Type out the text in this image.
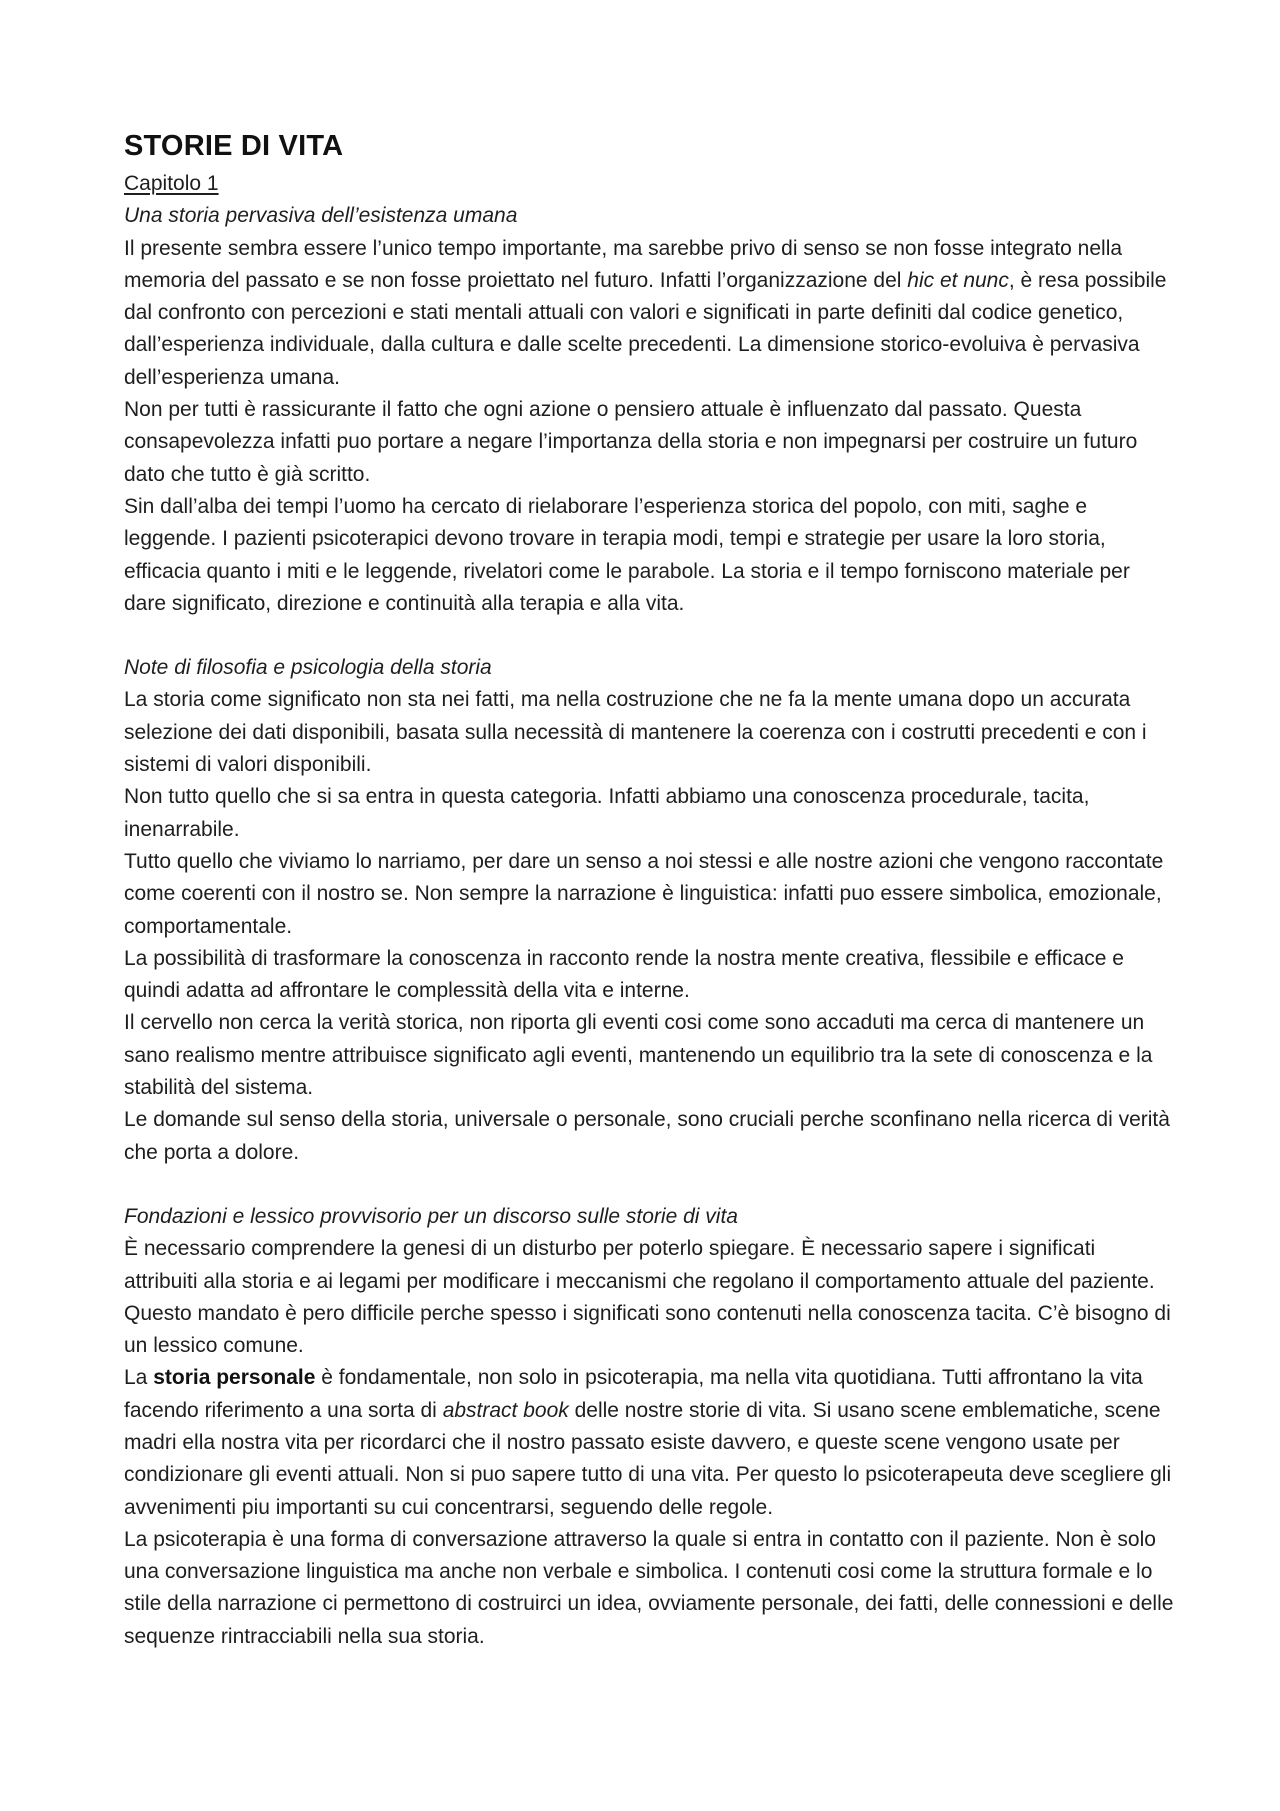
STORIE DI VITA
Capitolo 1
Una storia pervasiva dell’esistenza umana

Il presente sembra essere l’unico tempo importante, ma sarebbe privo di senso se non fosse integrato nella memoria del passato e se non fosse proiettato nel futuro. Infatti l’organizzazione del hic et nunc, è resa possibile dal confronto con percezioni e stati mentali attuali con valori e significati in parte definiti dal codice genetico, dall’esperienza individuale, dalla cultura e dalle scelte precedenti. La dimensione storico-evoluiva è pervasiva dell’esperienza umana.

Non per tutti è rassicurante il fatto che ogni azione o pensiero attuale è influenzato dal passato. Questa consapevolezza infatti puo portare a negare l’importanza della storia e non impegnarsi per costruire un futuro dato che tutto è già scritto.

Sin dall’alba dei tempi l’uomo ha cercato di rielaborare l’esperienza storica del popolo, con miti, saghe e leggende. I pazienti psicoterapici devono trovare in terapia modi, tempi e strategie per usare la loro storia, efficacia quanto i miti e le leggende, rivelatori come le parabole. La storia e il tempo forniscono materiale per dare significato, direzione e continuità alla terapia e alla vita.

Note di filosofia e psicologia della storia

La storia come significato non sta nei fatti, ma nella costruzione che ne fa la mente umana dopo un accurata selezione dei dati disponibili, basata sulla necessità di mantenere la coerenza con i costrutti precedenti e con i sistemi di valori disponibili.

Non tutto quello che si sa entra in questa categoria. Infatti abbiamo una conoscenza procedurale, tacita, inenarrabile.

Tutto quello che viviamo lo narriamo, per dare un senso a noi stessi e alle nostre azioni che vengono raccontate come coerenti con il nostro se. Non sempre la narrazione è linguistica: infatti puo essere simbolica, emozionale, comportamentale.

La possibilità di trasformare la conoscenza in racconto rende la nostra mente creativa, flessibile e efficace e quindi adatta ad affrontare le complessità della vita e interne.

Il cervello non cerca la verità storica, non riporta gli eventi cosi come sono accaduti ma cerca di mantenere un sano realismo mentre attribuisce significato agli eventi, mantenendo un equilibrio tra la sete di conoscenza e la stabilità del sistema.

Le domande sul senso della storia, universale o personale, sono cruciali perche sconfinano nella ricerca di verità che porta a dolore.

Fondazioni e lessico provvisorio per un discorso sulle storie di vita

È necessario comprendere la genesi di un disturbo per poterlo spiegare. È necessario sapere i significati attribuiti alla storia e ai legami per modificare i meccanismi che regolano il comportamento attuale del paziente. Questo mandato è pero difficile perche spesso i significati sono contenuti nella conoscenza tacita. C’è bisogno di un lessico comune.

La storia personale è fondamentale, non solo in psicoterapia, ma nella vita quotidiana. Tutti affrontano la vita facendo riferimento a una sorta di abstract book delle nostre storie di vita. Si usano scene emblematiche, scene madri ella nostra vita per ricordarci che il nostro passato esiste davvero, e queste scene vengono usate per condizionare gli eventi attuali. Non si puo sapere tutto di una vita. Per questo lo psicoterapeuta deve scegliere gli avvenimenti piu importanti su cui concentrarsi, seguendo delle regole.

La psicoterapia è una forma di conversazione attraverso la quale si entra in contatto con il paziente. Non è solo una conversazione linguistica ma anche non verbale e simbolica. I contenuti cosi come la struttura formale e lo stile della narrazione ci permettono di costruirci un idea, ovviamente personale, dei fatti, delle connessioni e delle sequenze rintracciabili nella sua storia.
